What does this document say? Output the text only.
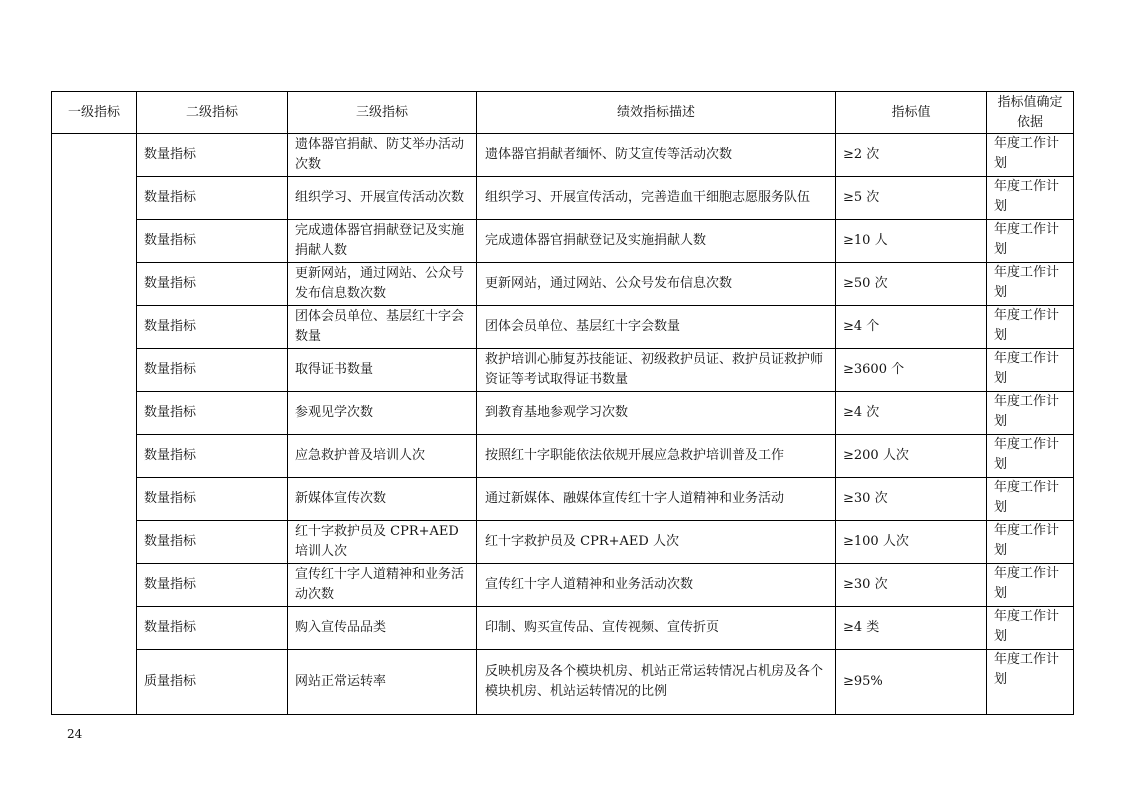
一级指标	二级指标	三级指标	绩效指标描述	指标值	指标值确定依据
	数量指标	遗体器官捐献、防艾举办活动次数	遗体器官捐献者缅怀、防艾宣传等活动次数	≥2 次	年度工作计划
	数量指标	组织学习、开展宣传活动次数	组织学习、开展宣传活动，完善造血干细胞志愿服务队伍	≥5 次	年度工作计划
	数量指标	完成遗体器官捐献登记及实施捐献人数	完成遗体器官捐献登记及实施捐献人数	≥10 人	年度工作计划
	数量指标	更新网站，通过网站、公众号发布信息数次数	更新网站，通过网站、公众号发布信息次数	≥50 次	年度工作计划
	数量指标	团体会员单位、基层红十字会数量	团体会员单位、基层红十字会数量	≥4 个	年度工作计划
	数量指标	取得证书数量	救护培训心肺复苏技能证、初级救护员证、救护员证救护师资证等考试取得证书数量	≥3600 个	年度工作计划
	数量指标	参观见学次数	到教育基地参观学习次数	≥4 次	年度工作计划
	数量指标	应急救护普及培训人次	按照红十字职能依法依规开展应急救护培训普及工作	≥200 人次	年度工作计划
	数量指标	新媒体宣传次数	通过新媒体、融媒体宣传红十字人道精神和业务活动	≥30 次	年度工作计划
	数量指标	红十字救护员及 CPR+AED 培训人次	红十字救护员及 CPR+AED 人次	≥100 人次	年度工作计划
	数量指标	宣传红十字人道精神和业务活动次数	宣传红十字人道精神和业务活动次数	≥30 次	年度工作计划
	数量指标	购入宣传品品类	印制、购买宣传品、宣传视频、宣传折页	≥4 类	年度工作计划
	质量指标	网站正常运转率	反映机房及各个模块机房、机站正常运转情况占机房及各个模块机房、机站运转情况的比例	≥95%	年度工作计划
24
